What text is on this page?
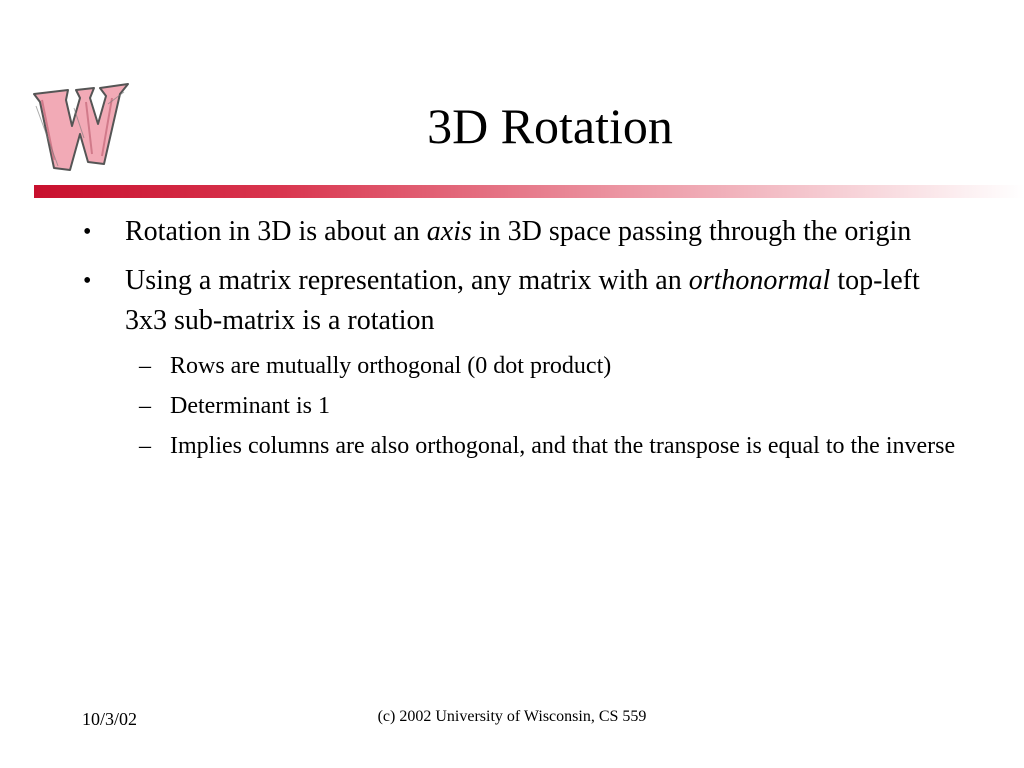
3D Rotation

• Rotation in 3D is about an axis in 3D space passing through the origin

• Using a matrix representation, any matrix with an orthonormal top-left 3x3 sub-matrix is a rotation

– Rows are mutually orthogonal (0 dot product)

– Determinant is 1

– Implies columns are also orthogonal, and that the transpose is equal to the inverse

10/3/02	(c) 2002 University of Wisconsin, CS 559
